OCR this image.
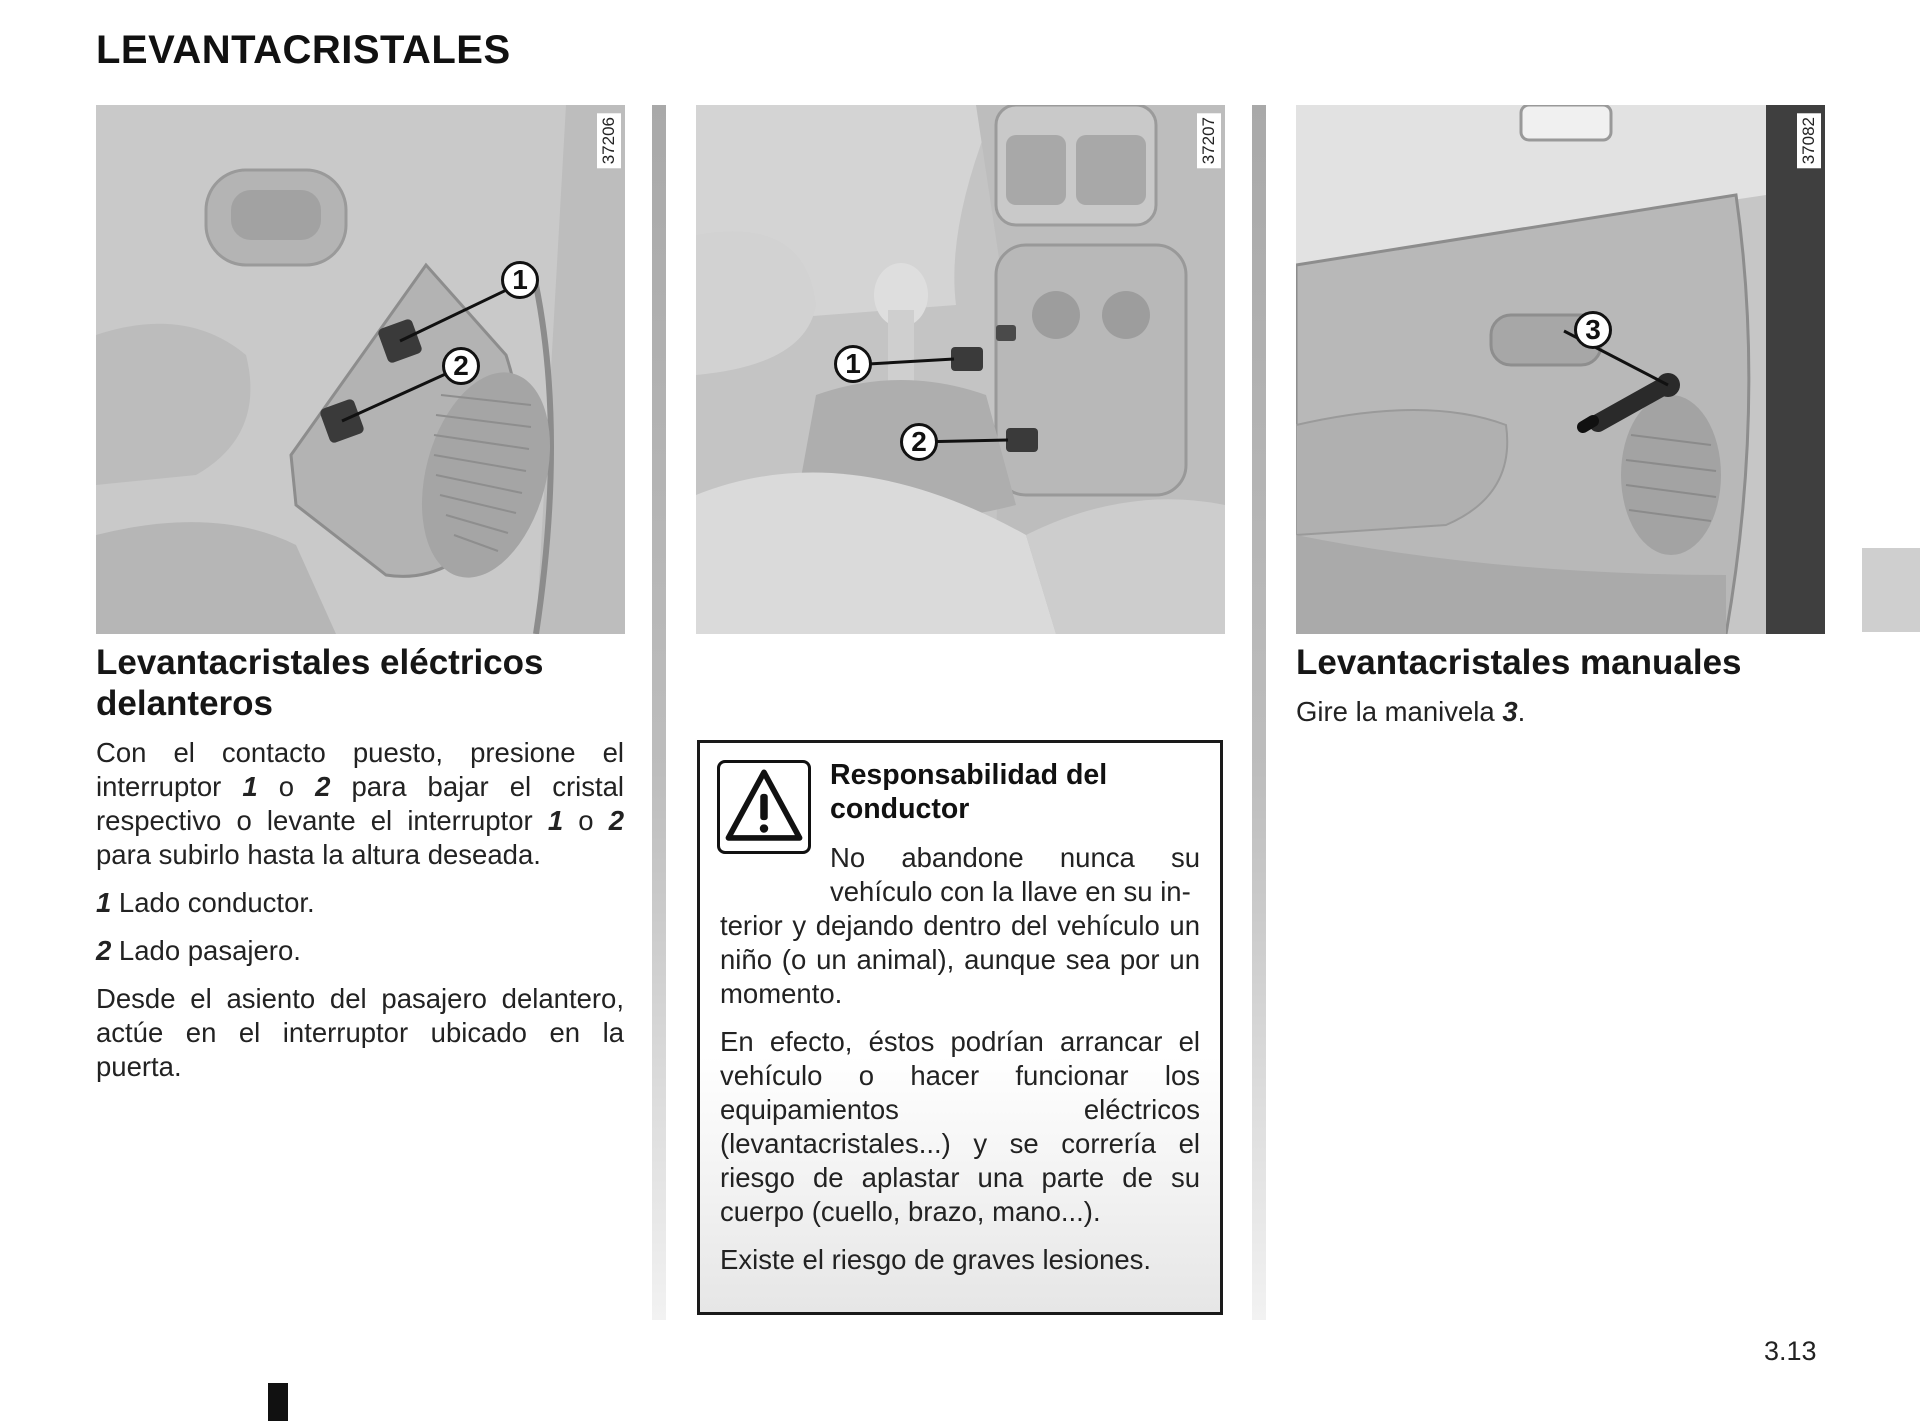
LEVANTACRISTALES
37206
1
2
37207
1
2
37082
3
Levantacristales eléctricos delanteros

Con el contacto puesto, presione el interruptor 1 o 2 para bajar el cristal respectivo o levante el interruptor 1 o 2 para subirlo hasta la altura deseada.

1 Lado conductor.

2 Lado pasajero.

Desde el asiento del pasajero delantero, actúe en el interruptor ubicado en la puerta.

Responsabilidad del conductor

No abandone nunca su vehículo con la llave en su in-
terior y dejando dentro del vehículo un niño (o un animal), aunque sea por un momento.

En efecto, éstos podrían arrancar el vehículo o hacer funcionar los equipamientos eléctricos (levantacristales...) y se correría el riesgo de aplastar una parte de su cuerpo (cuello, brazo, mano...).

Existe el riesgo de graves lesiones.

Levantacristales manuales

Gire la manivela 3.

3.13
